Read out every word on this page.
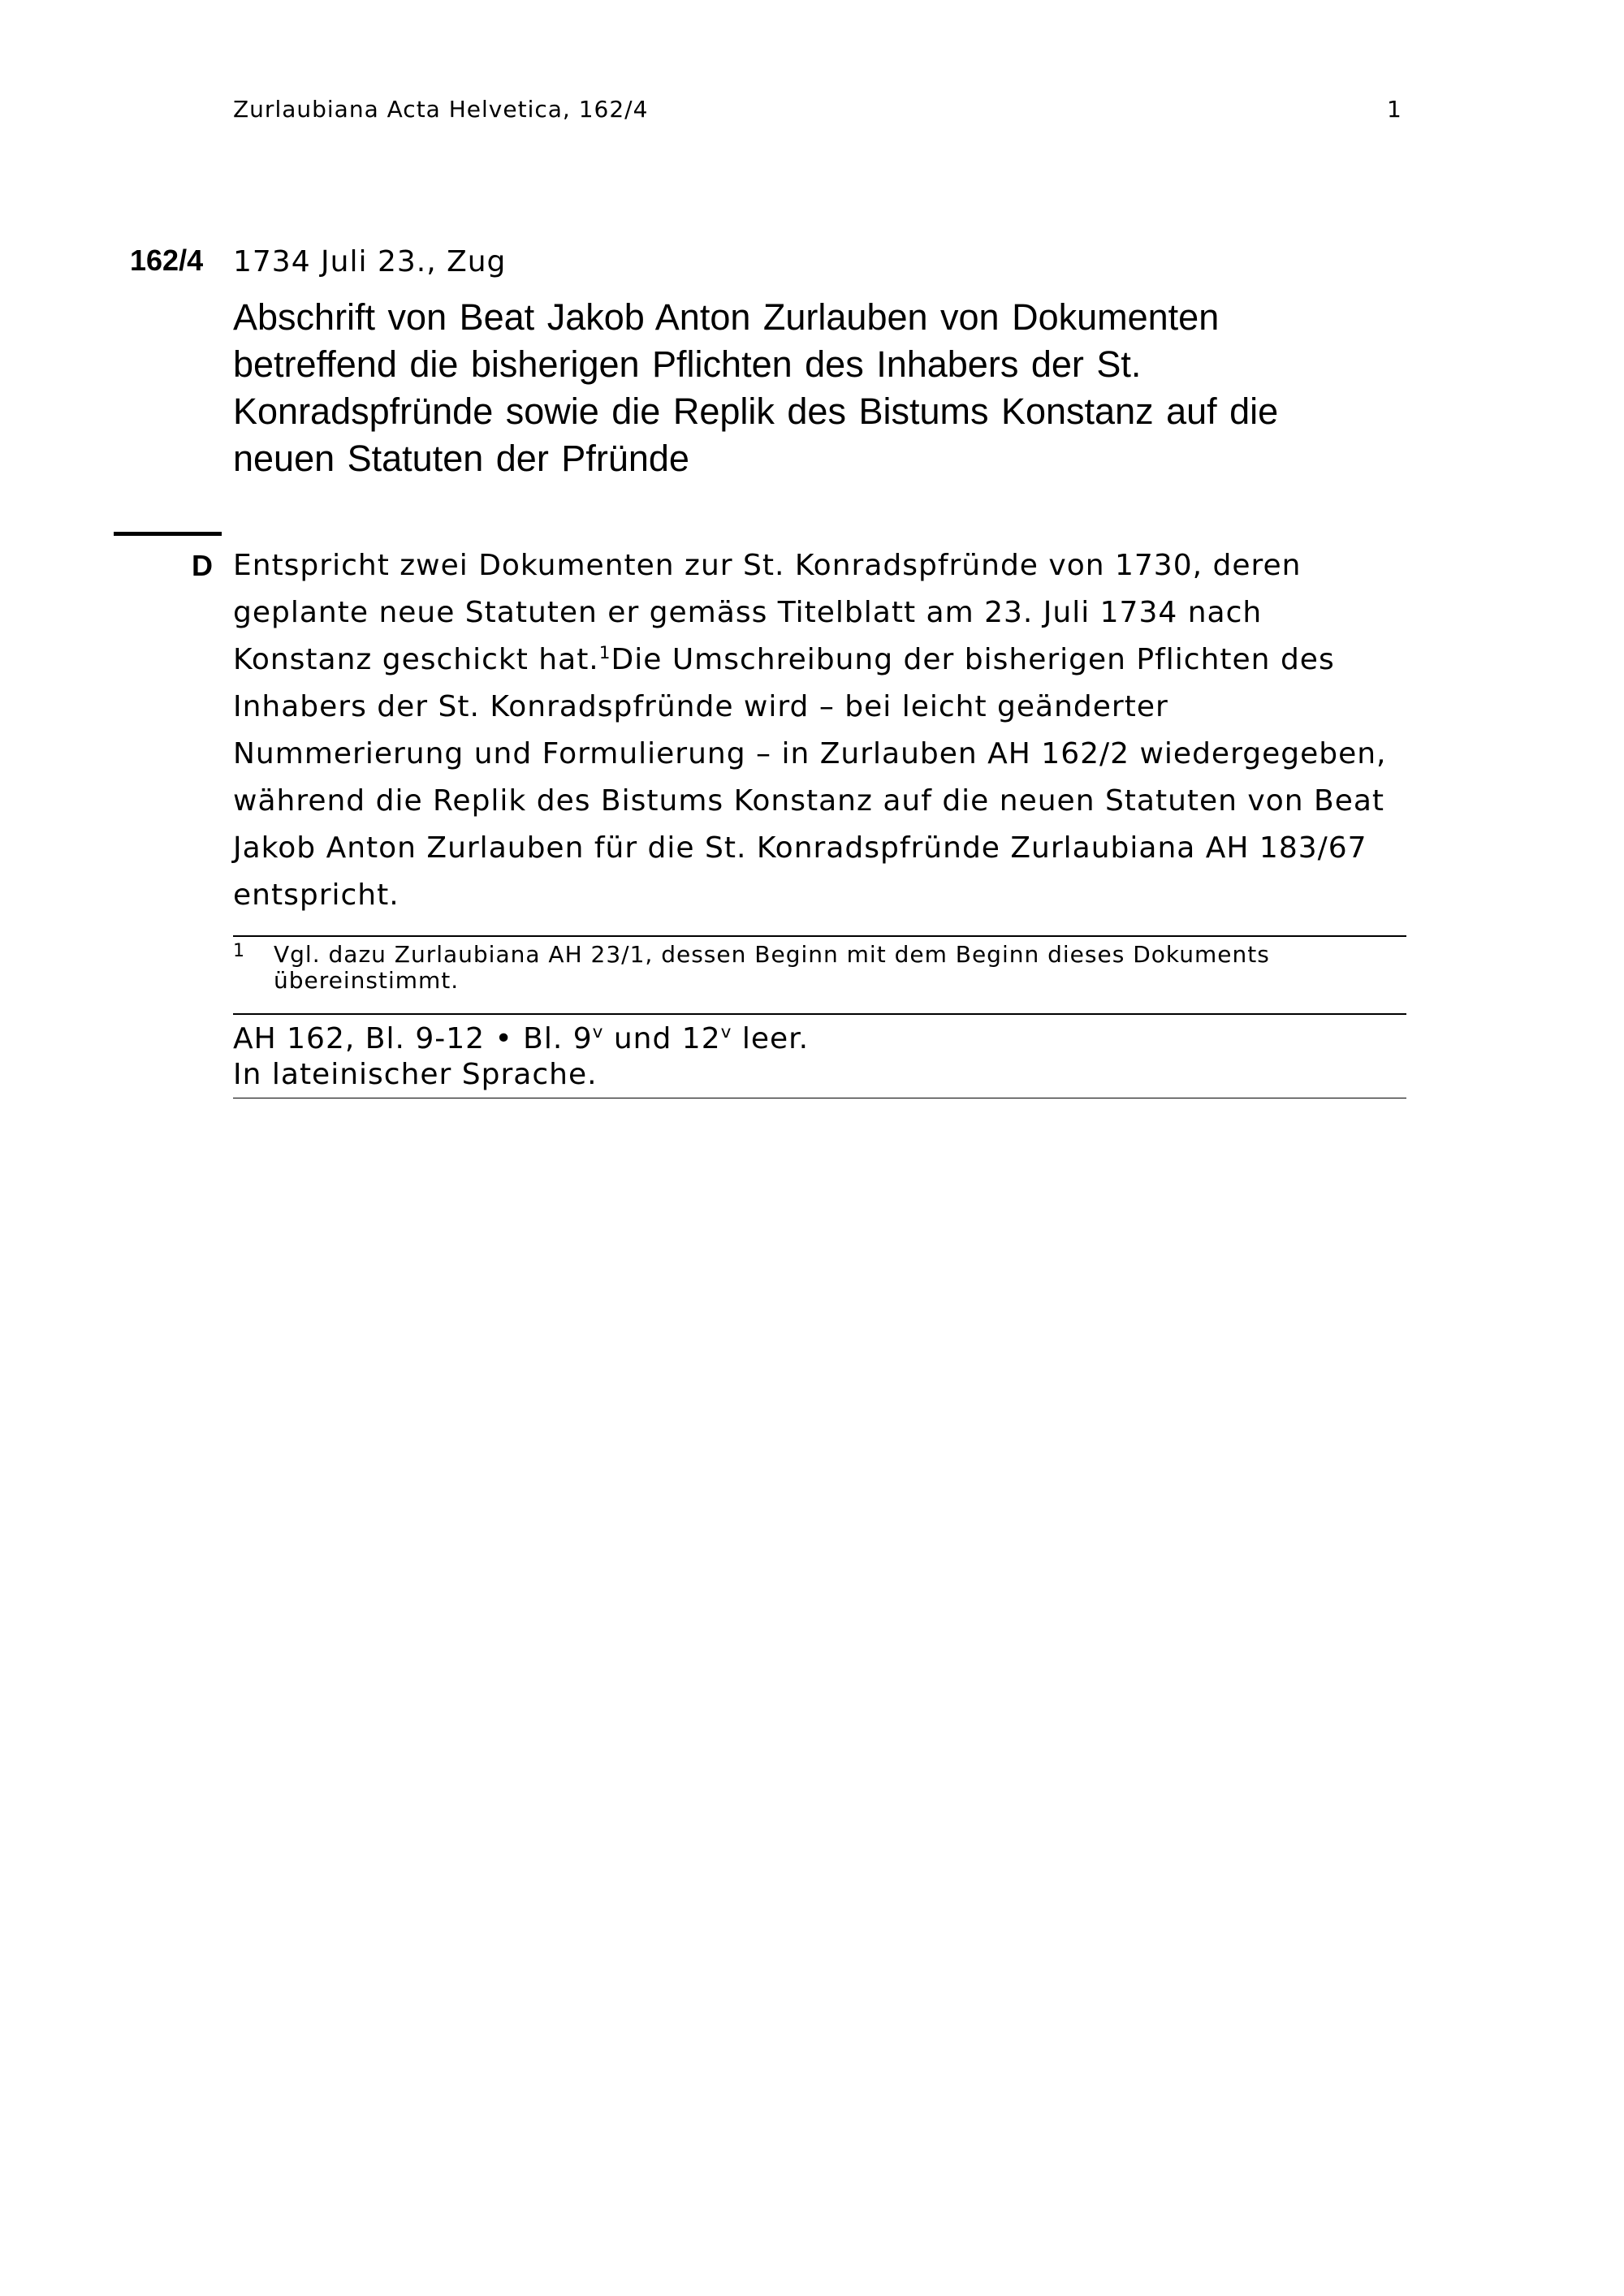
Zurlaubiana Acta Helvetica, 162/4	1
162/4 1734 Juli 23., Zug
Abschrift von Beat Jakob Anton Zurlauben von Dokumenten betreffend die bisherigen Pflichten des Inhabers der St. Konradspfründe sowie die Replik des Bistums Konstanz auf die neuen Statuten der Pfründe
D Entspricht zwei Dokumenten zur St. Konradspfründe von 1730, deren geplante neue Statuten er gemäss Titelblatt am 23. Juli 1734 nach Konstanz geschickt hat.$^1$Die Umschreibung der bisherigen Pflichten des Inhabers der St. Konradspfründe wird – bei leicht geänderter Nummerierung und Formulierung – in Zurlauben AH 162/2 wiedergegeben, während die Replik des Bistums Konstanz auf die neuen Statuten von Beat Jakob Anton Zurlauben für die St. Konradspfründe Zurlaubiana AH 183/67 entspricht.

1 Vgl. dazu Zurlaubiana AH 23/1, dessen Beginn mit dem Beginn dieses Dokuments übereinstimmt.
AH 162, Bl. 9-12 • Bl. 9$^v$ und 12$^v$ leer.
In lateinischer Sprache.
